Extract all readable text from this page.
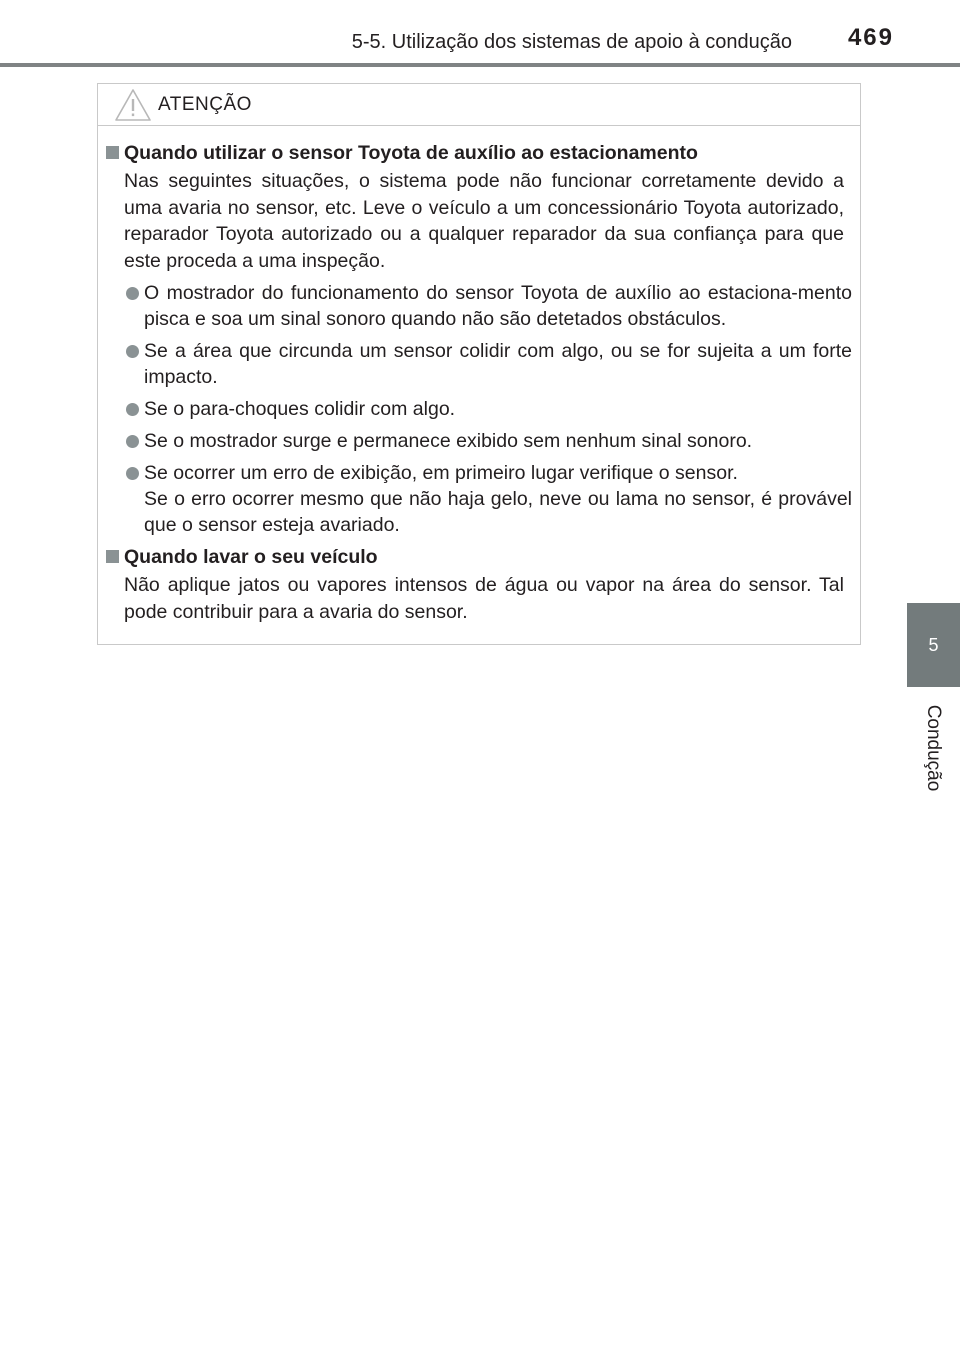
5-5. Utilização dos sistemas de apoio à condução 469
5
Condução
ATENÇÃO
Quando utilizar o sensor Toyota de auxílio ao estacionamento
Nas seguintes situações, o sistema pode não funcionar corretamente devido a uma avaria no sensor, etc. Leve o veículo a um concessionário Toyota autorizado, reparador Toyota autorizado ou a qualquer reparador da sua confiança para que este proceda a uma inspeção.
O mostrador do funcionamento do sensor Toyota de auxílio ao estaciona-mento pisca e soa um sinal sonoro quando não são detetados obstáculos.
Se a área que circunda um sensor colidir com algo, ou se for sujeita a um forte impacto.
Se o para-choques colidir com algo.
Se o mostrador surge e permanece exibido sem nenhum sinal sonoro.
Se ocorrer um erro de exibição, em primeiro lugar verifique o sensor.
Se o erro ocorrer mesmo que não haja gelo, neve ou lama no sensor, é provável que o sensor esteja avariado.
Quando lavar o seu veículo
Não aplique jatos ou vapores intensos de água ou vapor na área do sensor. Tal pode contribuir para a avaria do sensor.
